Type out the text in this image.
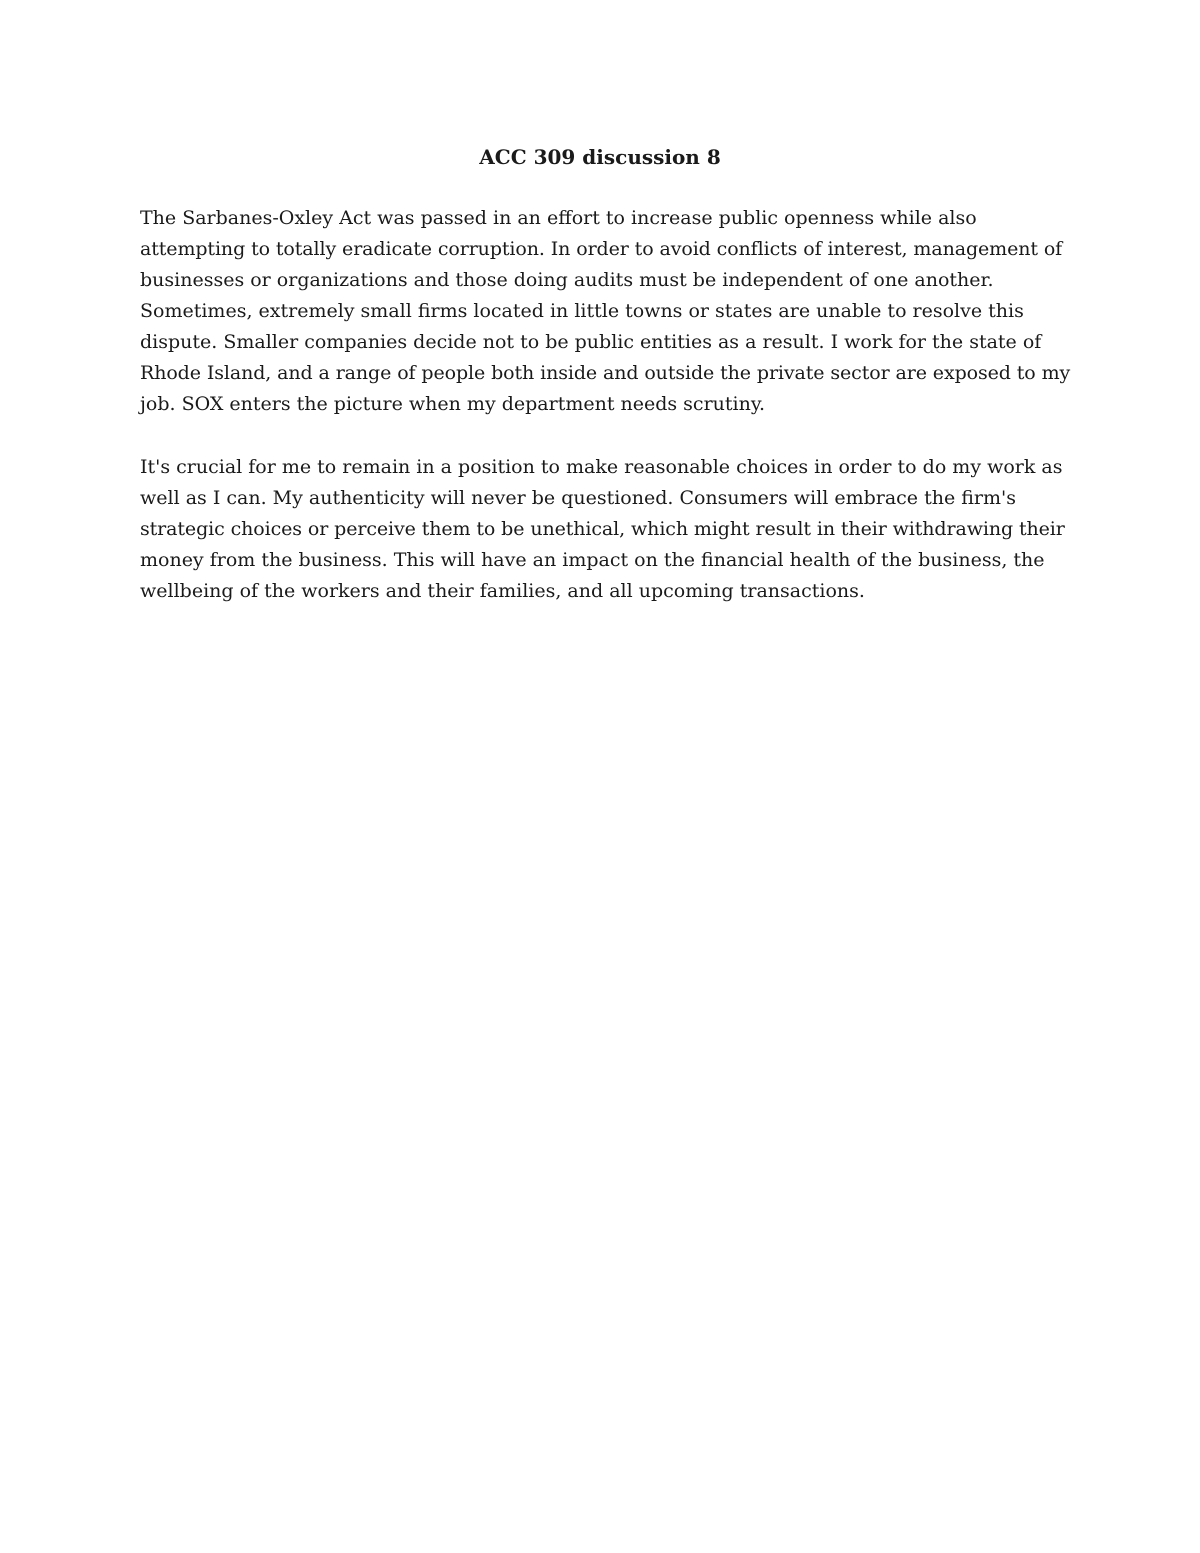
ACC 309 discussion 8

The Sarbanes-Oxley Act was passed in an effort to increase public openness while also
attempting to totally eradicate corruption. In order to avoid conflicts of interest, management of
businesses or organizations and those doing audits must be independent of one another.
Sometimes, extremely small firms located in little towns or states are unable to resolve this
dispute. Smaller companies decide not to be public entities as a result. I work for the state of
Rhode Island, and a range of people both inside and outside the private sector are exposed to my
job. SOX enters the picture when my department needs scrutiny.

It's crucial for me to remain in a position to make reasonable choices in order to do my work as
well as I can. My authenticity will never be questioned. Consumers will embrace the firm's
strategic choices or perceive them to be unethical, which might result in their withdrawing their
money from the business. This will have an impact on the financial health of the business, the
wellbeing of the workers and their families, and all upcoming transactions.
